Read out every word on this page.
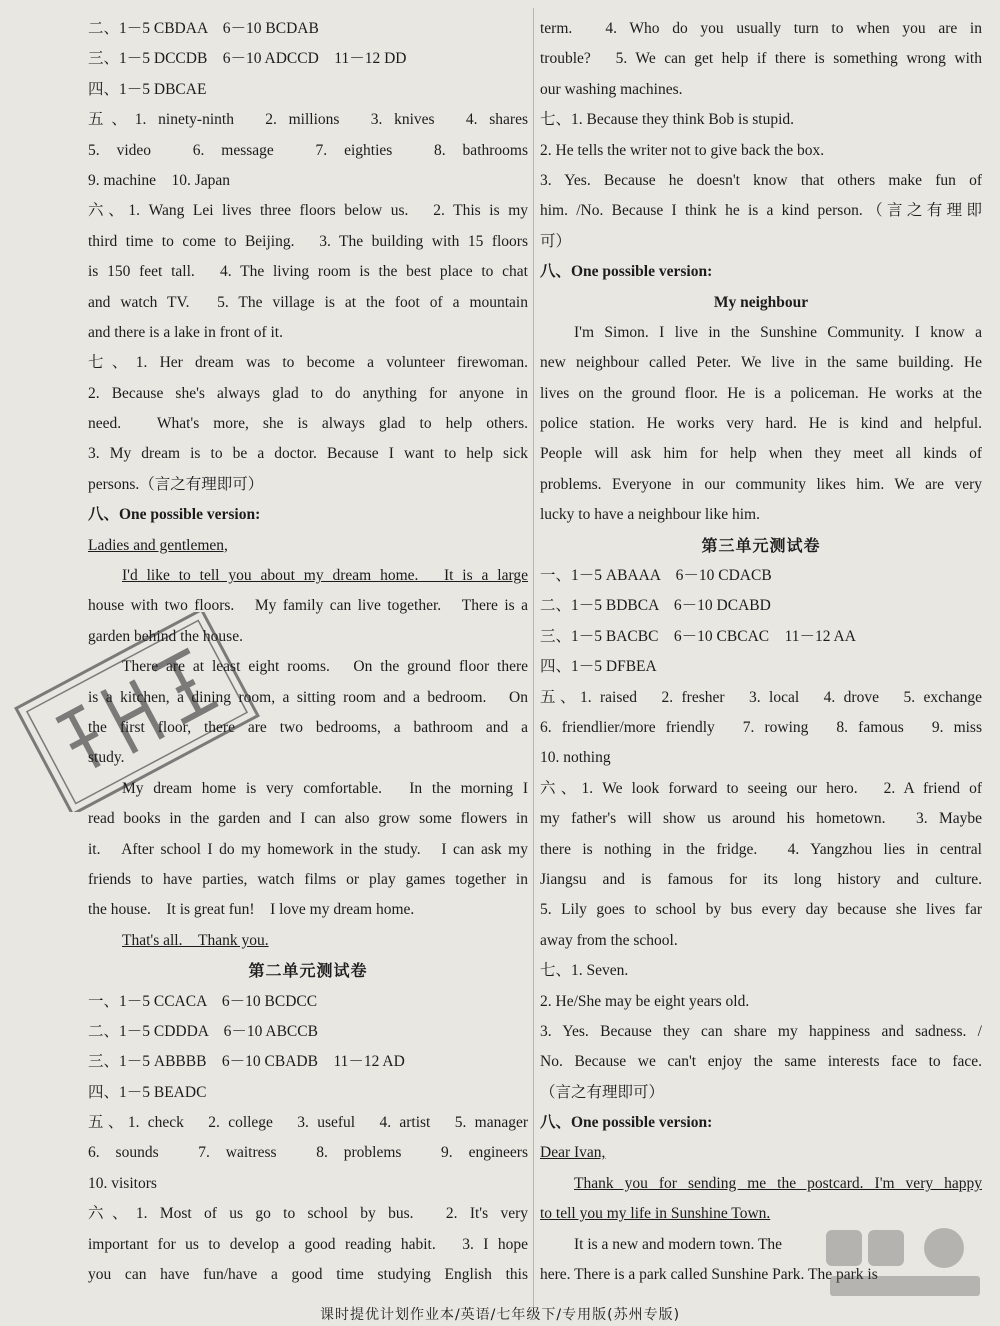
二、1－5 CBDAA　6－10 BCDAB
三、1－5 DCCDB　6－10 ADCCD　11－12 DD
四、1－5 DBCAE
五、1. ninety-ninth　2. millions　3. knives　4. shares
5. video　6. message　7. eighties　8. bathrooms
9. machine　10. Japan
六、1. Wang Lei lives three floors below us.　2. This is my
third time to come to Beijing.　3. The building with 15 floors
is 150 feet tall.　4. The living room is the best place to chat
and watch TV.　5. The village is at the foot of a mountain
and there is a lake in front of it.
七、1. Her dream was to become a volunteer firewoman.
2. Because she's always glad to do anything for anyone in
need.　What's more, she is always glad to help others.
3. My dream is to be a doctor. Because I want to help sick
persons.（言之有理即可）
八、One possible version:
Ladies and gentlemen,
I'd like to tell you about my dream home.　It is a large
house with two floors.　My family can live together.　There is a
garden behind the house.
There are at least eight rooms.　On the ground floor there
is a kitchen, a dining room, a sitting room and a bedroom.　On
the first floor, there are two bedrooms, a bathroom and a
study.
My dream home is very comfortable.　In the morning I
read books in the garden and I can also grow some flowers in
it.　After school I do my homework in the study.　I can ask my
friends to have parties, watch films or play games together in
the house.　It is great fun!　I love my dream home.
That's all.　Thank you.
第二单元测试卷
一、1－5 CCACA　6－10 BCDCC
二、1－5 CDDDA　6－10 ABCCB
三、1－5 ABBBB　6－10 CBADB　11－12 AD
四、1－5 BEADC
五、1. check　2. college　3. useful　4. artist　5. manager
6. sounds　7. waitress　8. problems　9. engineers
10. visitors
六、1. Most of us go to school by bus.　2. It's very
important for us to develop a good reading habit.　3. I hope
you can have fun/have a good time studying English this
term.　4. Who do you usually turn to when you are in
trouble?　5. We can get help if there is something wrong with
our washing machines.
七、1. Because they think Bob is stupid.
2. He tells the writer not to give back the box.
3. Yes. Because he doesn't know that others make fun of
him. /No. Because I think he is a kind person.（言之有理即
可）
八、One possible version:
My neighbour
I'm Simon. I live in the Sunshine Community. I know a
new neighbour called Peter. We live in the same building. He
lives on the ground floor. He is a policeman. He works at the
police station. He works very hard. He is kind and helpful.
People will ask him for help when they meet all kinds of
problems. Everyone in our community likes him. We are very
lucky to have a neighbour like him.
第三单元测试卷
一、1－5 ABAAA　6－10 CDACB
二、1－5 BDBCA　6－10 DCABD
三、1－5 BACBC　6－10 CBCAC　11－12 AA
四、1－5 DFBEA
五、1. raised　2. fresher　3. local　4. drove　5. exchange
6. friendlier/more friendly　7. rowing　8. famous　9. miss
10. nothing
六、1. We look forward to seeing our hero.　2. A friend of
my father's will show us around his hometown.　3. Maybe
there is nothing in the fridge.　4. Yangzhou lies in central
Jiangsu and is famous for its long history and culture.
5. Lily goes to school by bus every day because she lives far
away from the school.
七、1. Seven.
2. He/She may be eight years old.
3. Yes. Because they can share my happiness and sadness. /
No. Because we can't enjoy the same interests face to face.
（言之有理即可）
八、One possible version:
Dear Ivan,
Thank you for sending me the postcard. I'm very happy
to tell you my life in Sunshine Town.
It is a new and modern town. The
here. There is a park called Sunshine Park. The park is
课时提优计划作业本/英语/七年级下/专用版(苏州专版)
